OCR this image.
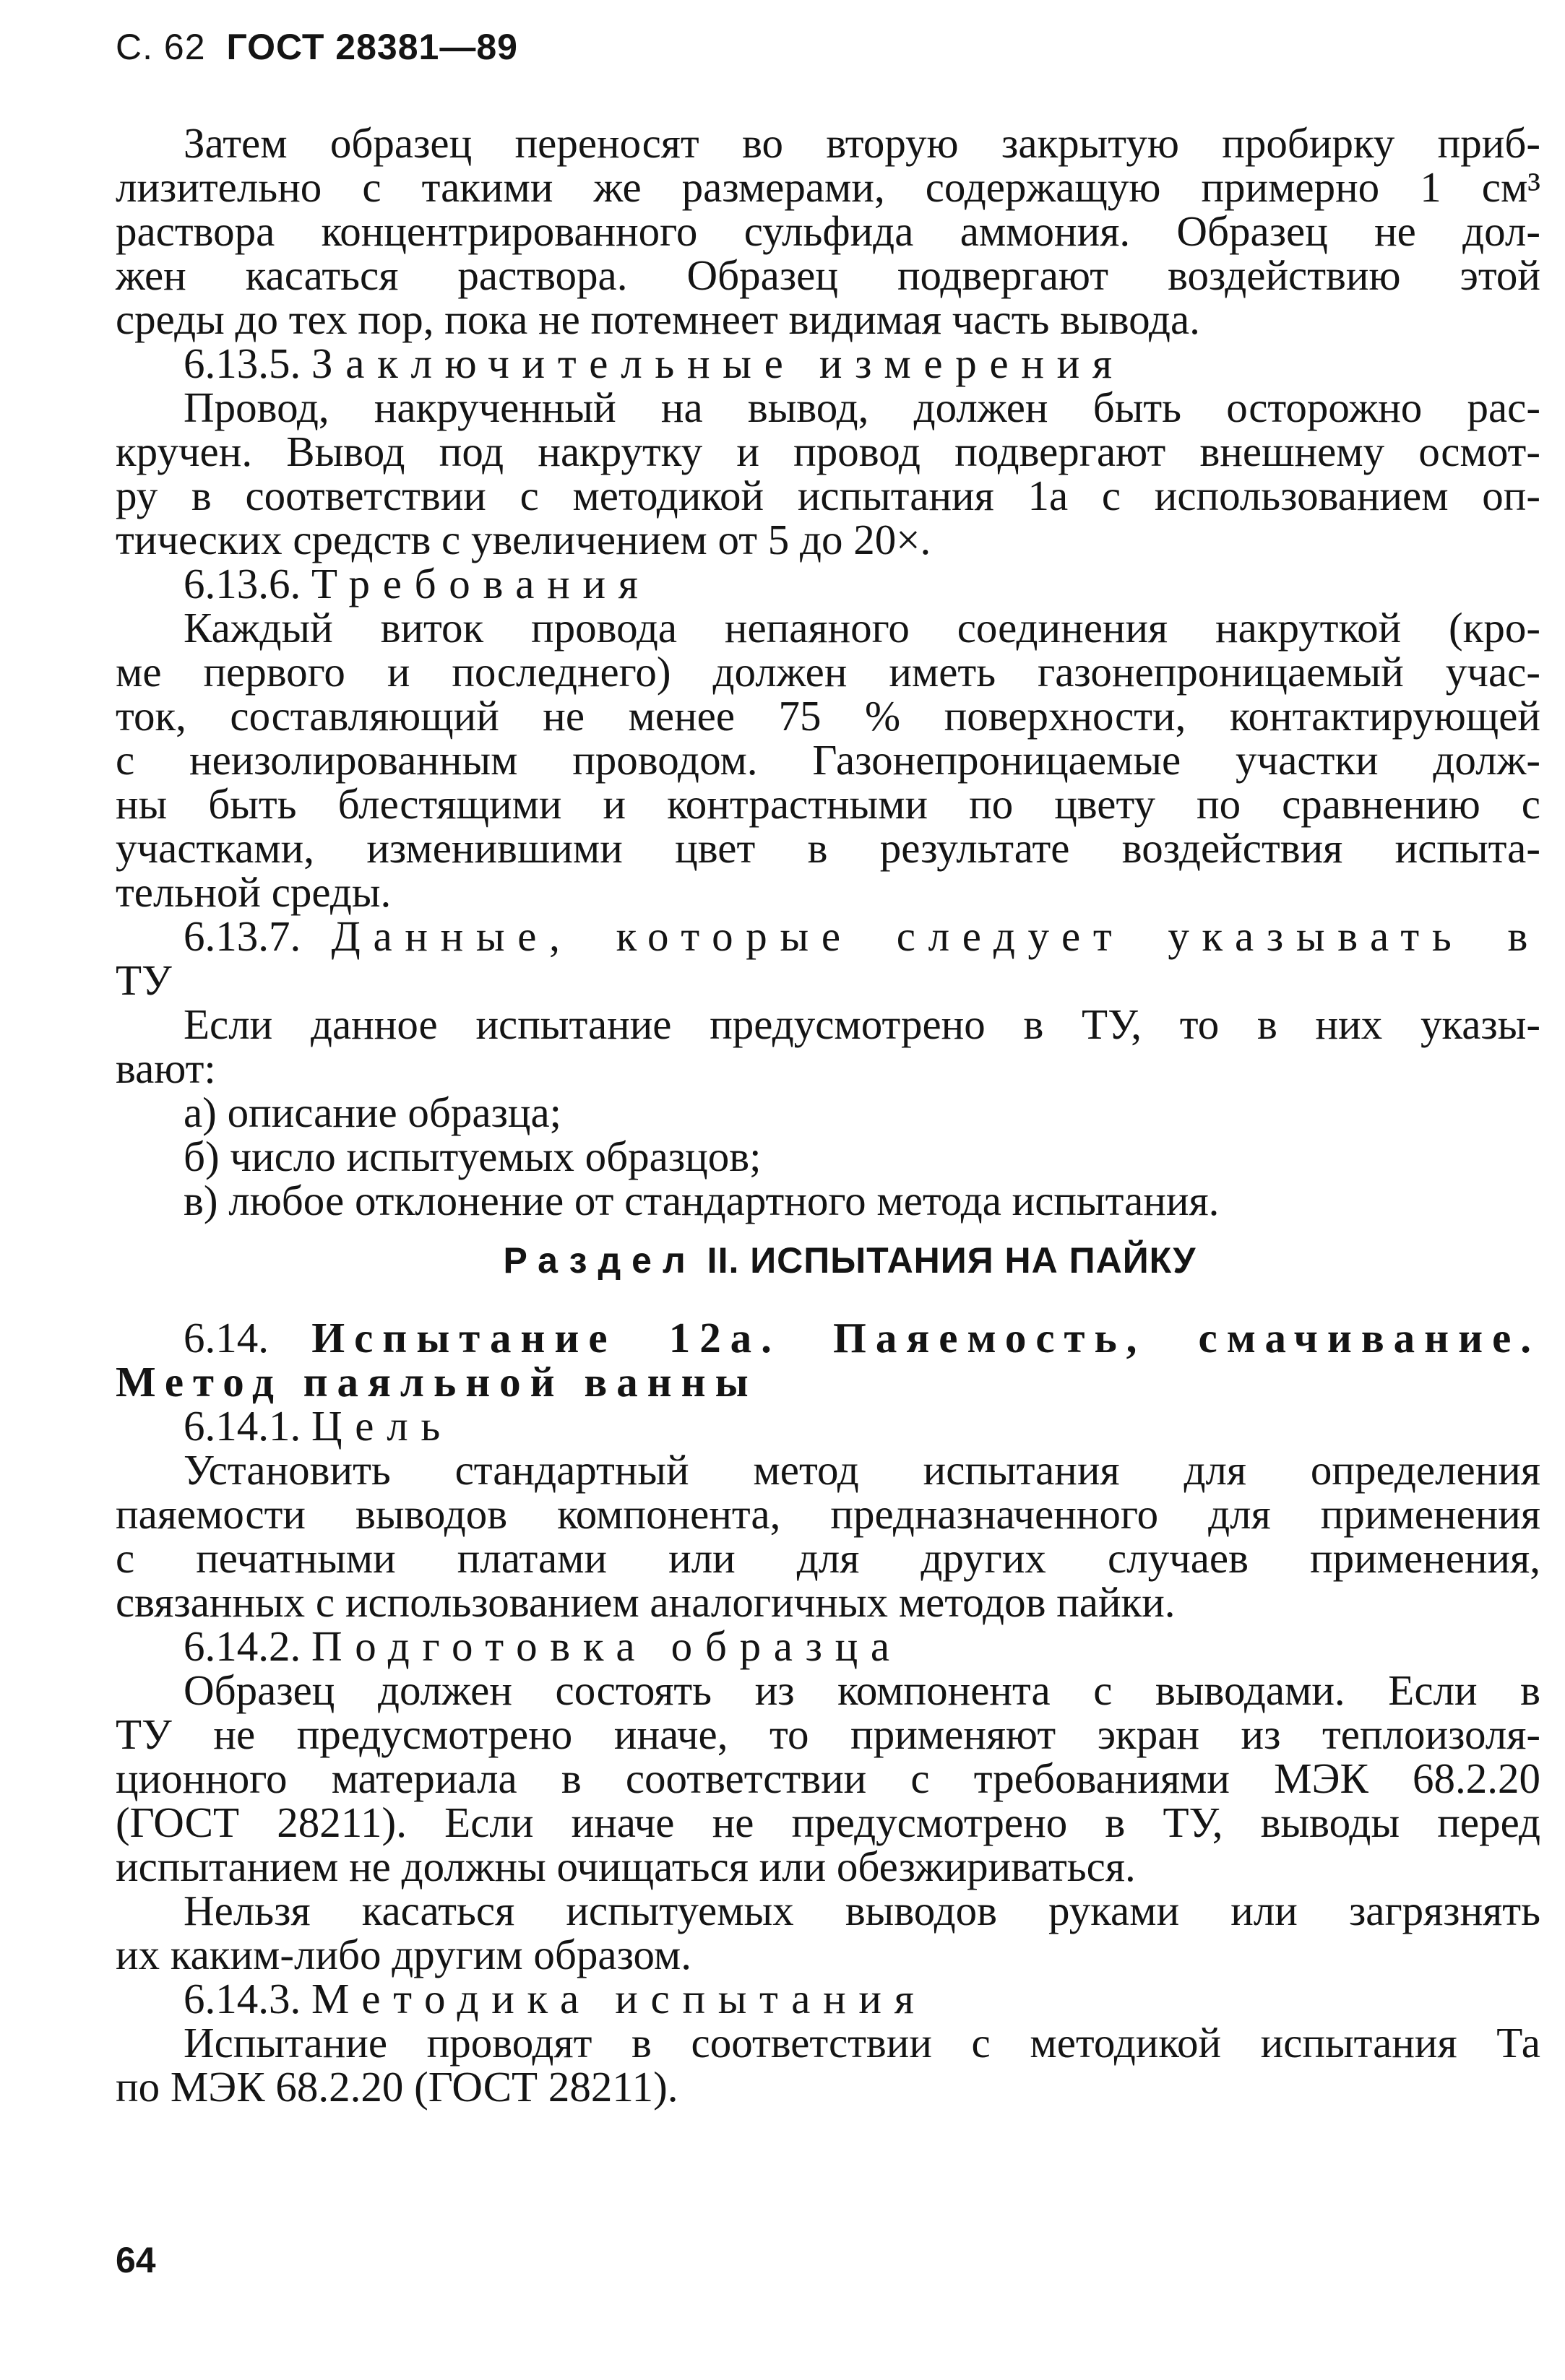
С. 62 ГОСТ 28381—89
Затем образец переносят во вторую закрытую пробирку приб-
лизительно с такими же размерами, содержащую примерно 1 см³
раствора концентрированного сульфида аммония. Образец не дол-
жен касаться раствора. Образец подвергают воздействию этой
среды до тех пор, пока не потемнеет видимая часть вывода.
6.13.5. Заключительные измерения
Провод, накрученный на вывод, должен быть осторожно рас-
кручен. Вывод под накрутку и провод подвергают внешнему осмот-
ру в соответствии с методикой испытания 1а с использованием оп-
тических средств с увеличением от 5 до 20×.
6.13.6. Требования
Каждый виток провода непаяного соединения накруткой (кро-
ме первого и последнего) должен иметь газонепроницаемый учас-
ток, составляющий не менее 75 % поверхности, контактирующей
с неизолированным проводом. Газонепроницаемые участки долж-
ны быть блестящими и контрастными по цвету по сравнению с
участками, изменившими цвет в результате воздействия испыта-
тельной среды.
6.13.7. Данные, которые следует указывать в
ТУ
Если данное испытание предусмотрено в ТУ, то в них указы-
вают:
а) описание образца;
б) число испытуемых образцов;
в) любое отклонение от стандартного метода испытания.
Раздел II. ИСПЫТАНИЯ НА ПАЙКУ
6.14. Испытание 12а. Паяемость, смачивание.
Метод паяльной ванны
6.14.1. Цель
Установить стандартный метод испытания для определения
паяемости выводов компонента, предназначенного для применения
с печатными платами или для других случаев применения,
связанных с использованием аналогичных методов пайки.
6.14.2. Подготовка образца
Образец должен состоять из компонента с выводами. Если в
ТУ не предусмотрено иначе, то применяют экран из теплоизоля-
ционного материала в соответствии с требованиями МЭК 68.2.20
(ГОСТ 28211). Если иначе не предусмотрено в ТУ, выводы перед
испытанием не должны очищаться или обезжириваться.
Нельзя касаться испытуемых выводов руками или загрязнять
их каким-либо другим образом.
6.14.3. Методика испытания
Испытание проводят в соответствии с методикой испытания Та
по МЭК 68.2.20 (ГОСТ 28211).
64
